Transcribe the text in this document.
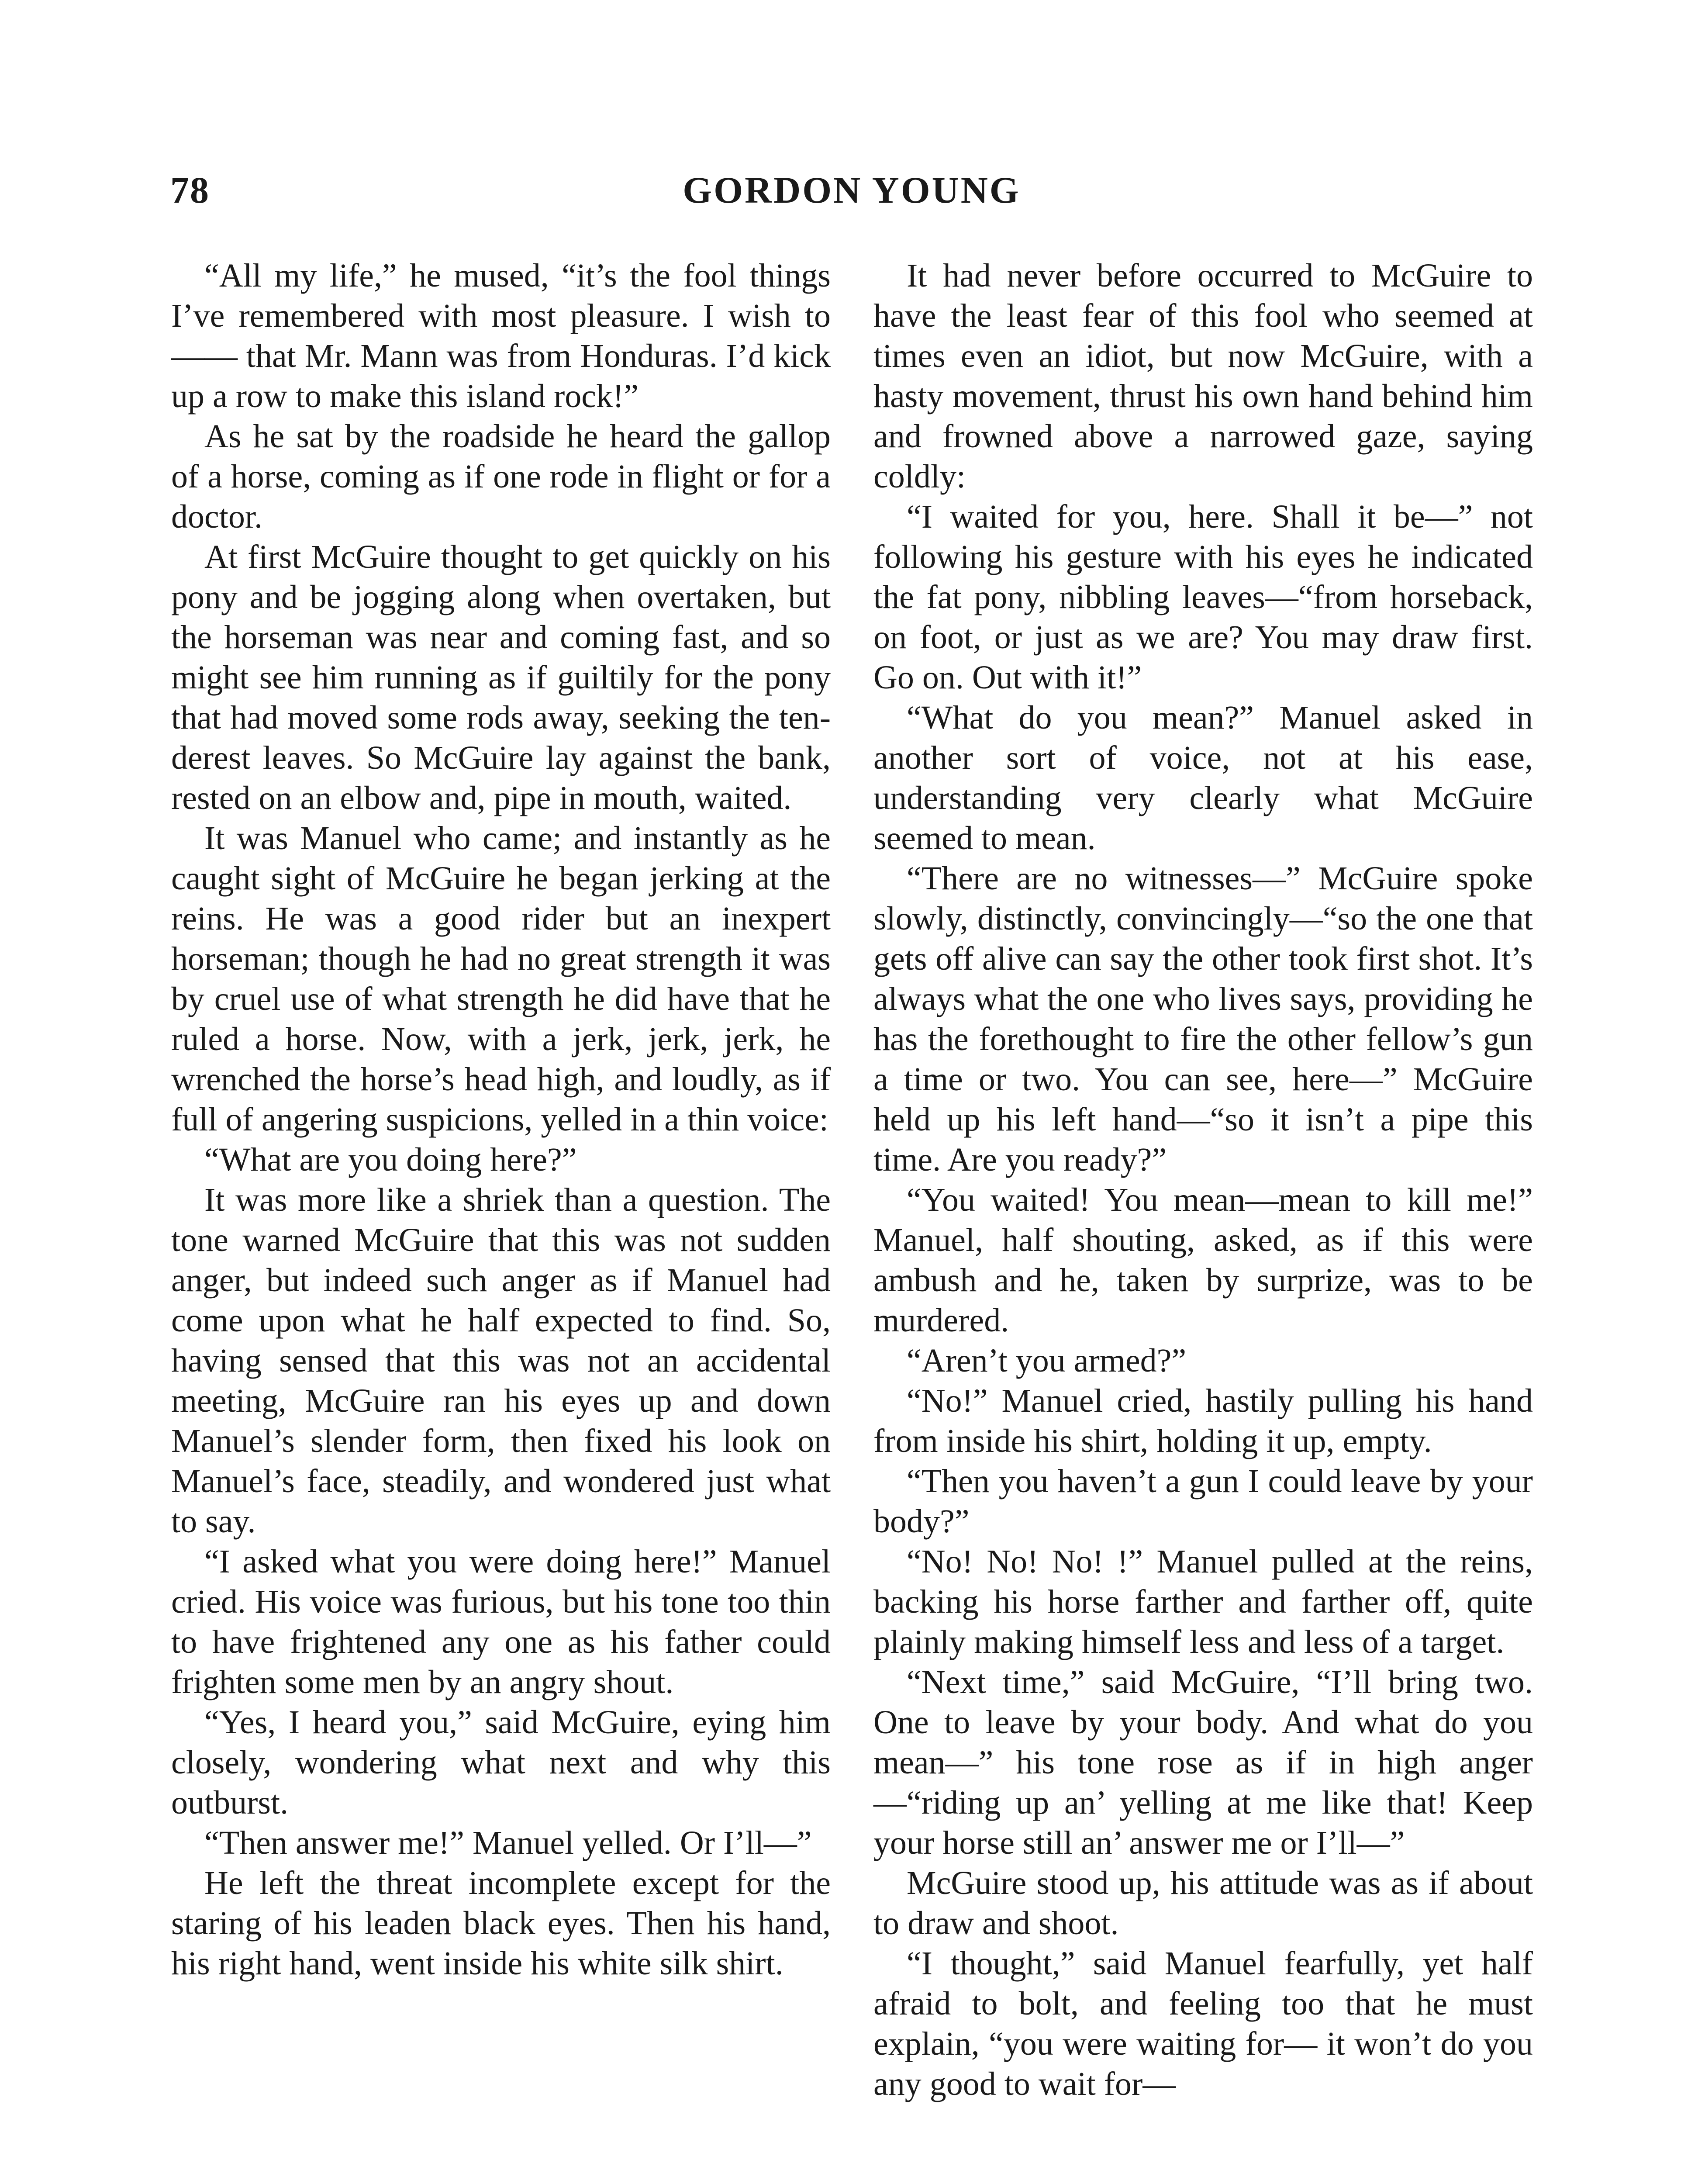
78	GORDON YOUNG

“All my life,” he mused, “it’s the fool things I’ve remembered with most pleasure. I wish to —— that Mr. Mann was from Honduras. I’d kick up a row to make this island rock!”

As he sat by the roadside he heard the gallop of a horse, coming as if one rode in flight or for a doctor.

At first McGuire thought to get quickly on his pony and be jogging along when overtaken, but the horseman was near and coming fast, and so might see him running as if guiltily for the pony that had moved some rods away, seeking the tenderest leaves. So McGuire lay against the bank, rested on an elbow and, pipe in mouth, waited.

It was Manuel who came; and instantly as he caught sight of McGuire he began jerking at the reins. He was a good rider but an inexpert horseman; though he had no great strength it was by cruel use of what strength he did have that he ruled a horse. Now, with a jerk, jerk, jerk, he wrenched the horse’s head high, and loudly, as if full of angering suspicions, yelled in a thin voice:

“What are you doing here?”

It was more like a shriek than a question. The tone warned McGuire that this was not sudden anger, but indeed such anger as if Manuel had come upon what he half expected to find. So, having sensed that this was not an accidental meeting, McGuire ran his eyes up and down Manuel’s slender form, then fixed his look on Manuel’s face, steadily, and wondered just what to say.

“I asked what you were doing here!” Manuel cried. His voice was furious, but his tone too thin to have frightened any one as his father could frighten some men by an angry shout.

“Yes, I heard you,” said McGuire, eying him closely, wondering what next and why this outburst.

“Then answer me!” Manuel yelled. Or I’ll—”

He left the threat incomplete except for the staring of his leaden black eyes. Then his hand, his right hand, went inside his white silk shirt.

It had never before occurred to McGuire to have the least fear of this fool who seemed at times even an idiot, but now McGuire, with a hasty movement, thrust his own hand behind him and frowned above a narrowed gaze, saying coldly:

“I waited for you, here. Shall it be—” not following his gesture with his eyes he indicated the fat pony, nibbling leaves—“from horseback, on foot, or just as we are? You may draw first. Go on. Out with it!”

“What do you mean?” Manuel asked in another sort of voice, not at his ease, understanding very clearly what McGuire seemed to mean.

“There are no witnesses—” McGuire spoke slowly, distinctly, convincingly—“so the one that gets off alive can say the other took first shot. It’s always what the one who lives says, providing he has the forethought to fire the other fellow’s gun a time or two. You can see, here—” McGuire held up his left hand—“so it isn’t a pipe this time. Are you ready?”

“You waited! You mean—mean to kill me!” Manuel, half shouting, asked, as if this were ambush and he, taken by surprize, was to be murdered.

“Aren’t you armed?”

“No!” Manuel cried, hastily pulling his hand from inside his shirt, holding it up, empty.

“Then you haven’t a gun I could leave by your body?”

“No! No! No! !” Manuel pulled at the reins, backing his horse farther and farther off, quite plainly making himself less and less of a target.

“Next time,” said McGuire, “I’ll bring two. One to leave by your body. And what do you mean—” his tone rose as if in high anger—“riding up an’ yelling at me like that! Keep your horse still an’ answer me or I’ll—”

McGuire stood up, his attitude was as if about to draw and shoot.

“I thought,” said Manuel fearfully, yet half afraid to bolt, and feeling too that he must explain, “you were waiting for— it won’t do you any good to wait for—
